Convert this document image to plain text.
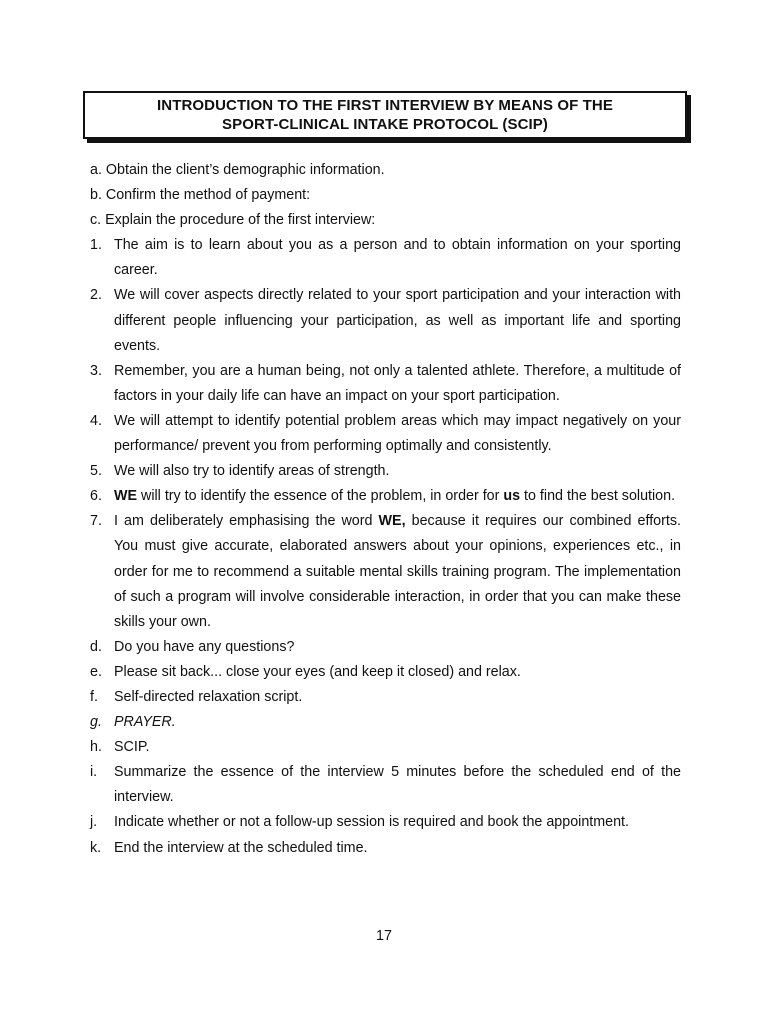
INTRODUCTION TO THE FIRST INTERVIEW BY MEANS OF THE
SPORT-CLINICAL INTAKE PROTOCOL (SCIP)
a. Obtain the client’s demographic information.
b. Confirm the method of payment:
c. Explain the procedure of the first interview:
1. The aim is to learn about you as a person and to obtain information on your sporting career.
2. We will cover aspects directly related to your sport participation and your interaction with different people influencing your participation, as well as important life and sporting events.
3. Remember, you are a human being, not only a talented athlete. Therefore, a multitude of factors in your daily life can have an impact on your sport participation.
4. We will attempt to identify potential problem areas which may impact negatively on your performance/ prevent you from performing optimally and consistently.
5. We will also try to identify areas of strength.
6. WE will try to identify the essence of the problem, in order for us to find the best solution.
7. I am deliberately emphasising the word WE, because it requires our combined efforts. You must give accurate, elaborated answers about your opinions, experiences etc., in order for me to recommend a suitable mental skills training program. The implementation of such a program will involve considerable interaction, in order that you can make these skills your own.
d. Do you have any questions?
e. Please sit back... close your eyes (and keep it closed) and relax.
f.	Self-directed relaxation script.
g. PRAYER.
h. SCIP.
i.	Summarize the essence of the interview 5 minutes before the scheduled end of the interview.
j.	Indicate whether or not a follow-up session is required and book the appointment.
k. End the interview at the scheduled time.
17
